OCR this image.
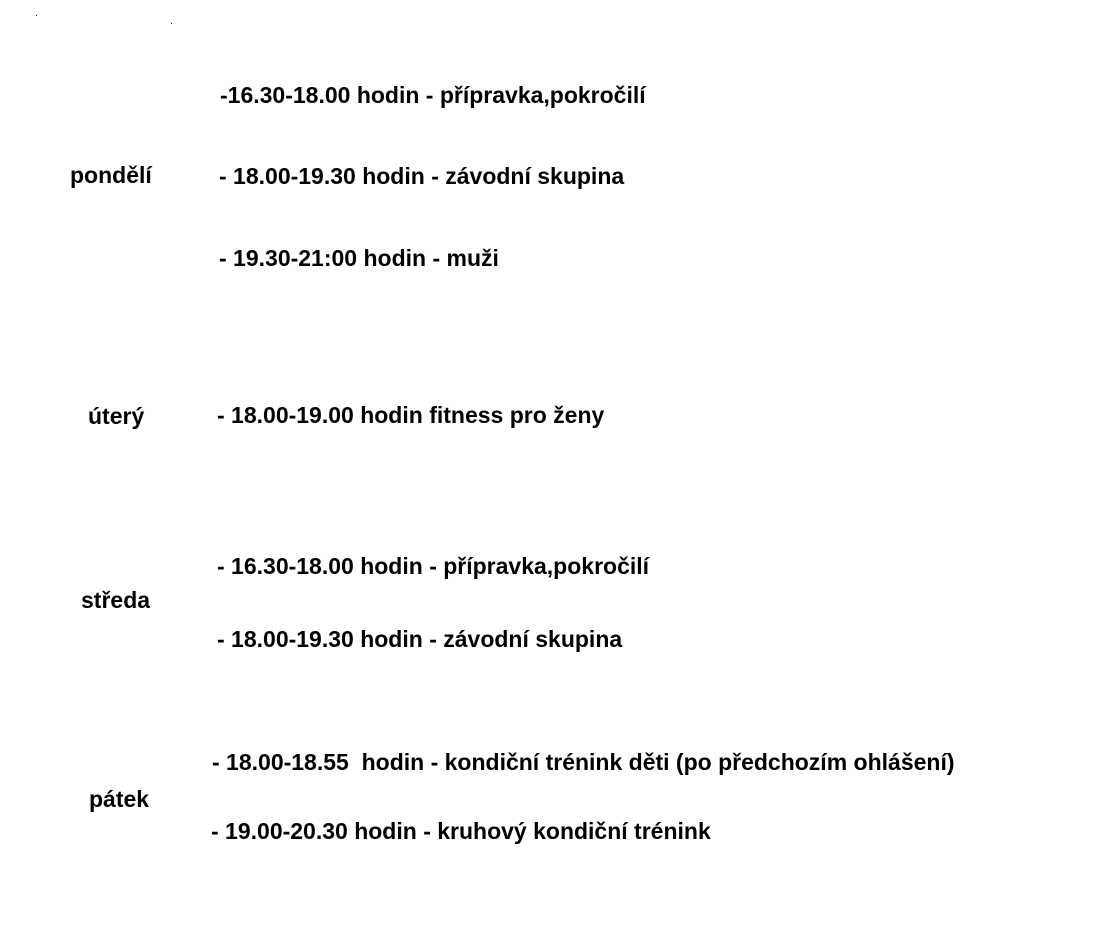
pondělí
-16.30-18.00 hodin - přípravka,pokročilí
- 18.00-19.30 hodin - závodní skupina
- 19.30-21:00 hodin - muži
úterý	- 18.00-19.00 hodin fitness pro ženy
středa
- 16.30-18.00 hodin - přípravka,pokročilí
- 18.00-19.30 hodin - závodní skupina
pátek
- 18.00-18.55  hodin - kondiční trénink děti (po předchozím ohlášení)
- 19.00-20.30 hodin - kruhový kondiční trénink
